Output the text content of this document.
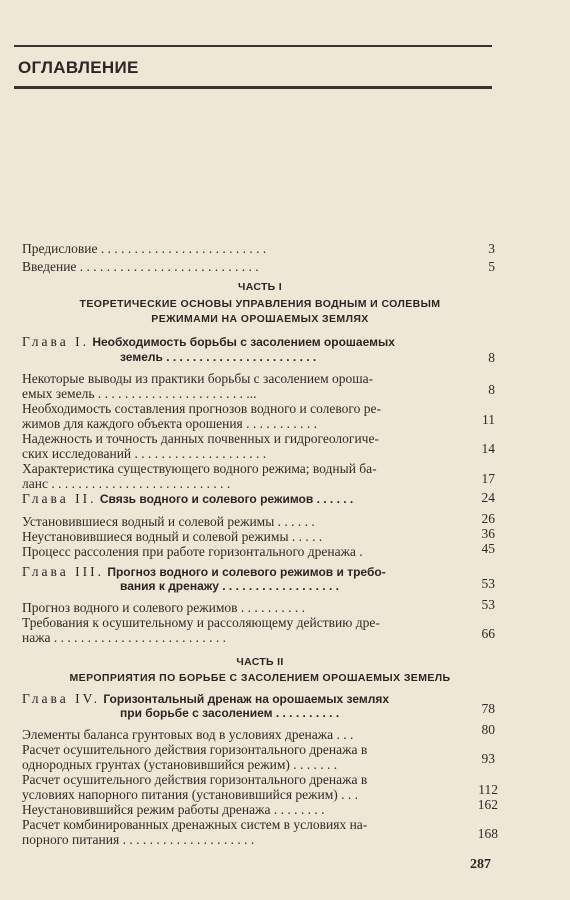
ОГЛАВЛЕНИЕ
Предисловие . . . . . . . . . . . . . . . . . . . . . . . . .	3
Введение . . . . . . . . . . . . . . . . . . . . . . . . . . .	5
ЧАСТЬ I
ТЕОРЕТИЧЕСКИЕ ОСНОВЫ УПРАВЛЕНИЯ ВОДНЫМ И СОЛЕВЫМ
РЕЖИМАМИ НА ОРОШАЕМЫХ ЗЕМЛЯХ
Глава I. Необходимость борьбы с засолением орошаемых
земель . . . . . . . . . . . . . . . . . . . . . . .	8
Некоторые выводы из практики борьбы с засолением ороша-
емых земель . . . . . . . . . . . . . . . . . . . . . . ...	8
Необходимость составления прогнозов водного и солевого ре-
жимов для каждого объекта орошения . . . . . . . . . . .	11
Надежность и точность данных почвенных и гидрогеологиче-
ских исследований . . . . . . . . . . . . . . . . . . . .	14
Характеристика существующего водного режима; водный ба-
ланс . . . . . . . . . . . . . . . . . . . . . . . . . . .	17
Глава II. Связь водного и солевого режимов . . . . . .	24
Установившиеся водный и солевой режимы . . . . . .	26
Неустановившиеся водный и солевой режимы . . . . .	36
Процесс рассоления при работе горизонтального дренажа .	45
Глава III. Прогноз водного и солевого режимов и требо-
вания к дренажу . . . . . . . . . . . . . . . . . .	53
Прогноз водного и солевого режимов . . . . . . . . . .	53
Требования к осушительному и рассоляющему действию дре-
нажа . . . . . . . . . . . . . . . . . . . . . . . . . .	66
ЧАСТЬ II
МЕРОПРИЯТИЯ ПО БОРЬБЕ С ЗАСОЛЕНИЕМ ОРОШАЕМЫХ ЗЕМЕЛЬ
Глава IV. Горизонтальный дренаж на орошаемых землях
при борьбе с засолением . . . . . . . . . .	78
Элементы баланса грунтовых вод в условиях дренажа . . .	80
Расчет осушительного действия горизонтального дренажа в
однородных грунтах (установившийся режим) . . . . . . .	93
Расчет осушительного действия горизонтального дренажа в
условиях напорного питания (установившийся режим) . . .	112
Неустановившийся режим работы дренажа . . . . . . . .	162
Расчет комбинированных дренажных систем в условиях на-
порного питания . . . . . . . . . . . . . . . . . . . .	168
287
